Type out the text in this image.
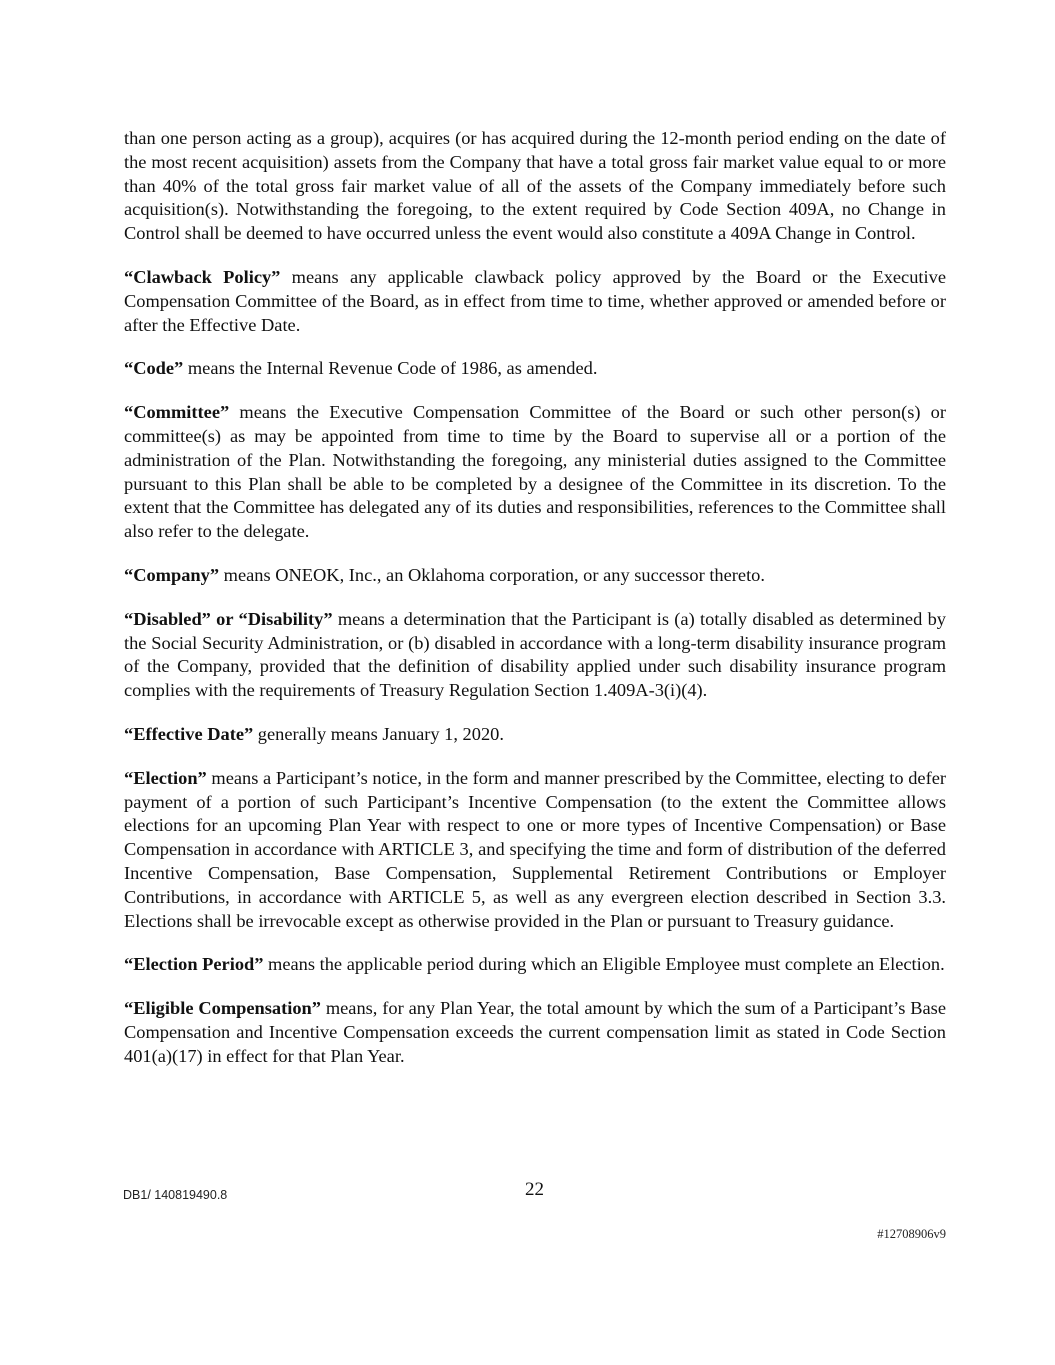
than one person acting as a group), acquires (or has acquired during the 12-month period ending on the date of the most recent acquisition) assets from the Company that have a total gross fair market value equal to or more than 40% of the total gross fair market value of all of the assets of the Company immediately before such acquisition(s). Notwithstanding the foregoing, to the extent required by Code Section 409A, no Change in Control shall be deemed to have occurred unless the event would also constitute a 409A Change in Control.

“Clawback Policy” means any applicable clawback policy approved by the Board or the Executive Compensation Committee of the Board, as in effect from time to time, whether approved or amended before or after the Effective Date.

“Code” means the Internal Revenue Code of 1986, as amended.

“Committee” means the Executive Compensation Committee of the Board or such other person(s) or committee(s) as may be appointed from time to time by the Board to supervise all or a portion of the administration of the Plan. Notwithstanding the foregoing, any ministerial duties assigned to the Committee pursuant to this Plan shall be able to be completed by a designee of the Committee in its discretion. To the extent that the Committee has delegated any of its duties and responsibilities, references to the Committee shall also refer to the delegate.

“Company” means ONEOK, Inc., an Oklahoma corporation, or any successor thereto.

“Disabled” or “Disability” means a determination that the Participant is (a) totally disabled as determined by the Social Security Administration, or (b) disabled in accordance with a long-term disability insurance program of the Company, provided that the definition of disability applied under such disability insurance program complies with the requirements of Treasury Regulation Section 1.409A-3(i)(4).

“Effective Date” generally means January 1, 2020.

“Election” means a Participant’s notice, in the form and manner prescribed by the Committee, electing to defer payment of a portion of such Participant’s Incentive Compensation (to the extent the Committee allows elections for an upcoming Plan Year with respect to one or more types of Incentive Compensation) or Base Compensation in accordance with ARTICLE 3, and specifying the time and form of distribution of the deferred Incentive Compensation, Base Compensation, Supplemental Retirement Contributions or Employer Contributions, in accordance with ARTICLE 5, as well as any evergreen election described in Section 3.3. Elections shall be irrevocable except as otherwise provided in the Plan or pursuant to Treasury guidance.

“Election Period” means the applicable period during which an Eligible Employee must complete an Election.

“Eligible Compensation” means, for any Plan Year, the total amount by which the sum of a Participant’s Base Compensation and Incentive Compensation exceeds the current compensation limit as stated in Code Section 401(a)(17) in effect for that Plan Year.

DB1/ 140819490.8	22
#12708906v9
